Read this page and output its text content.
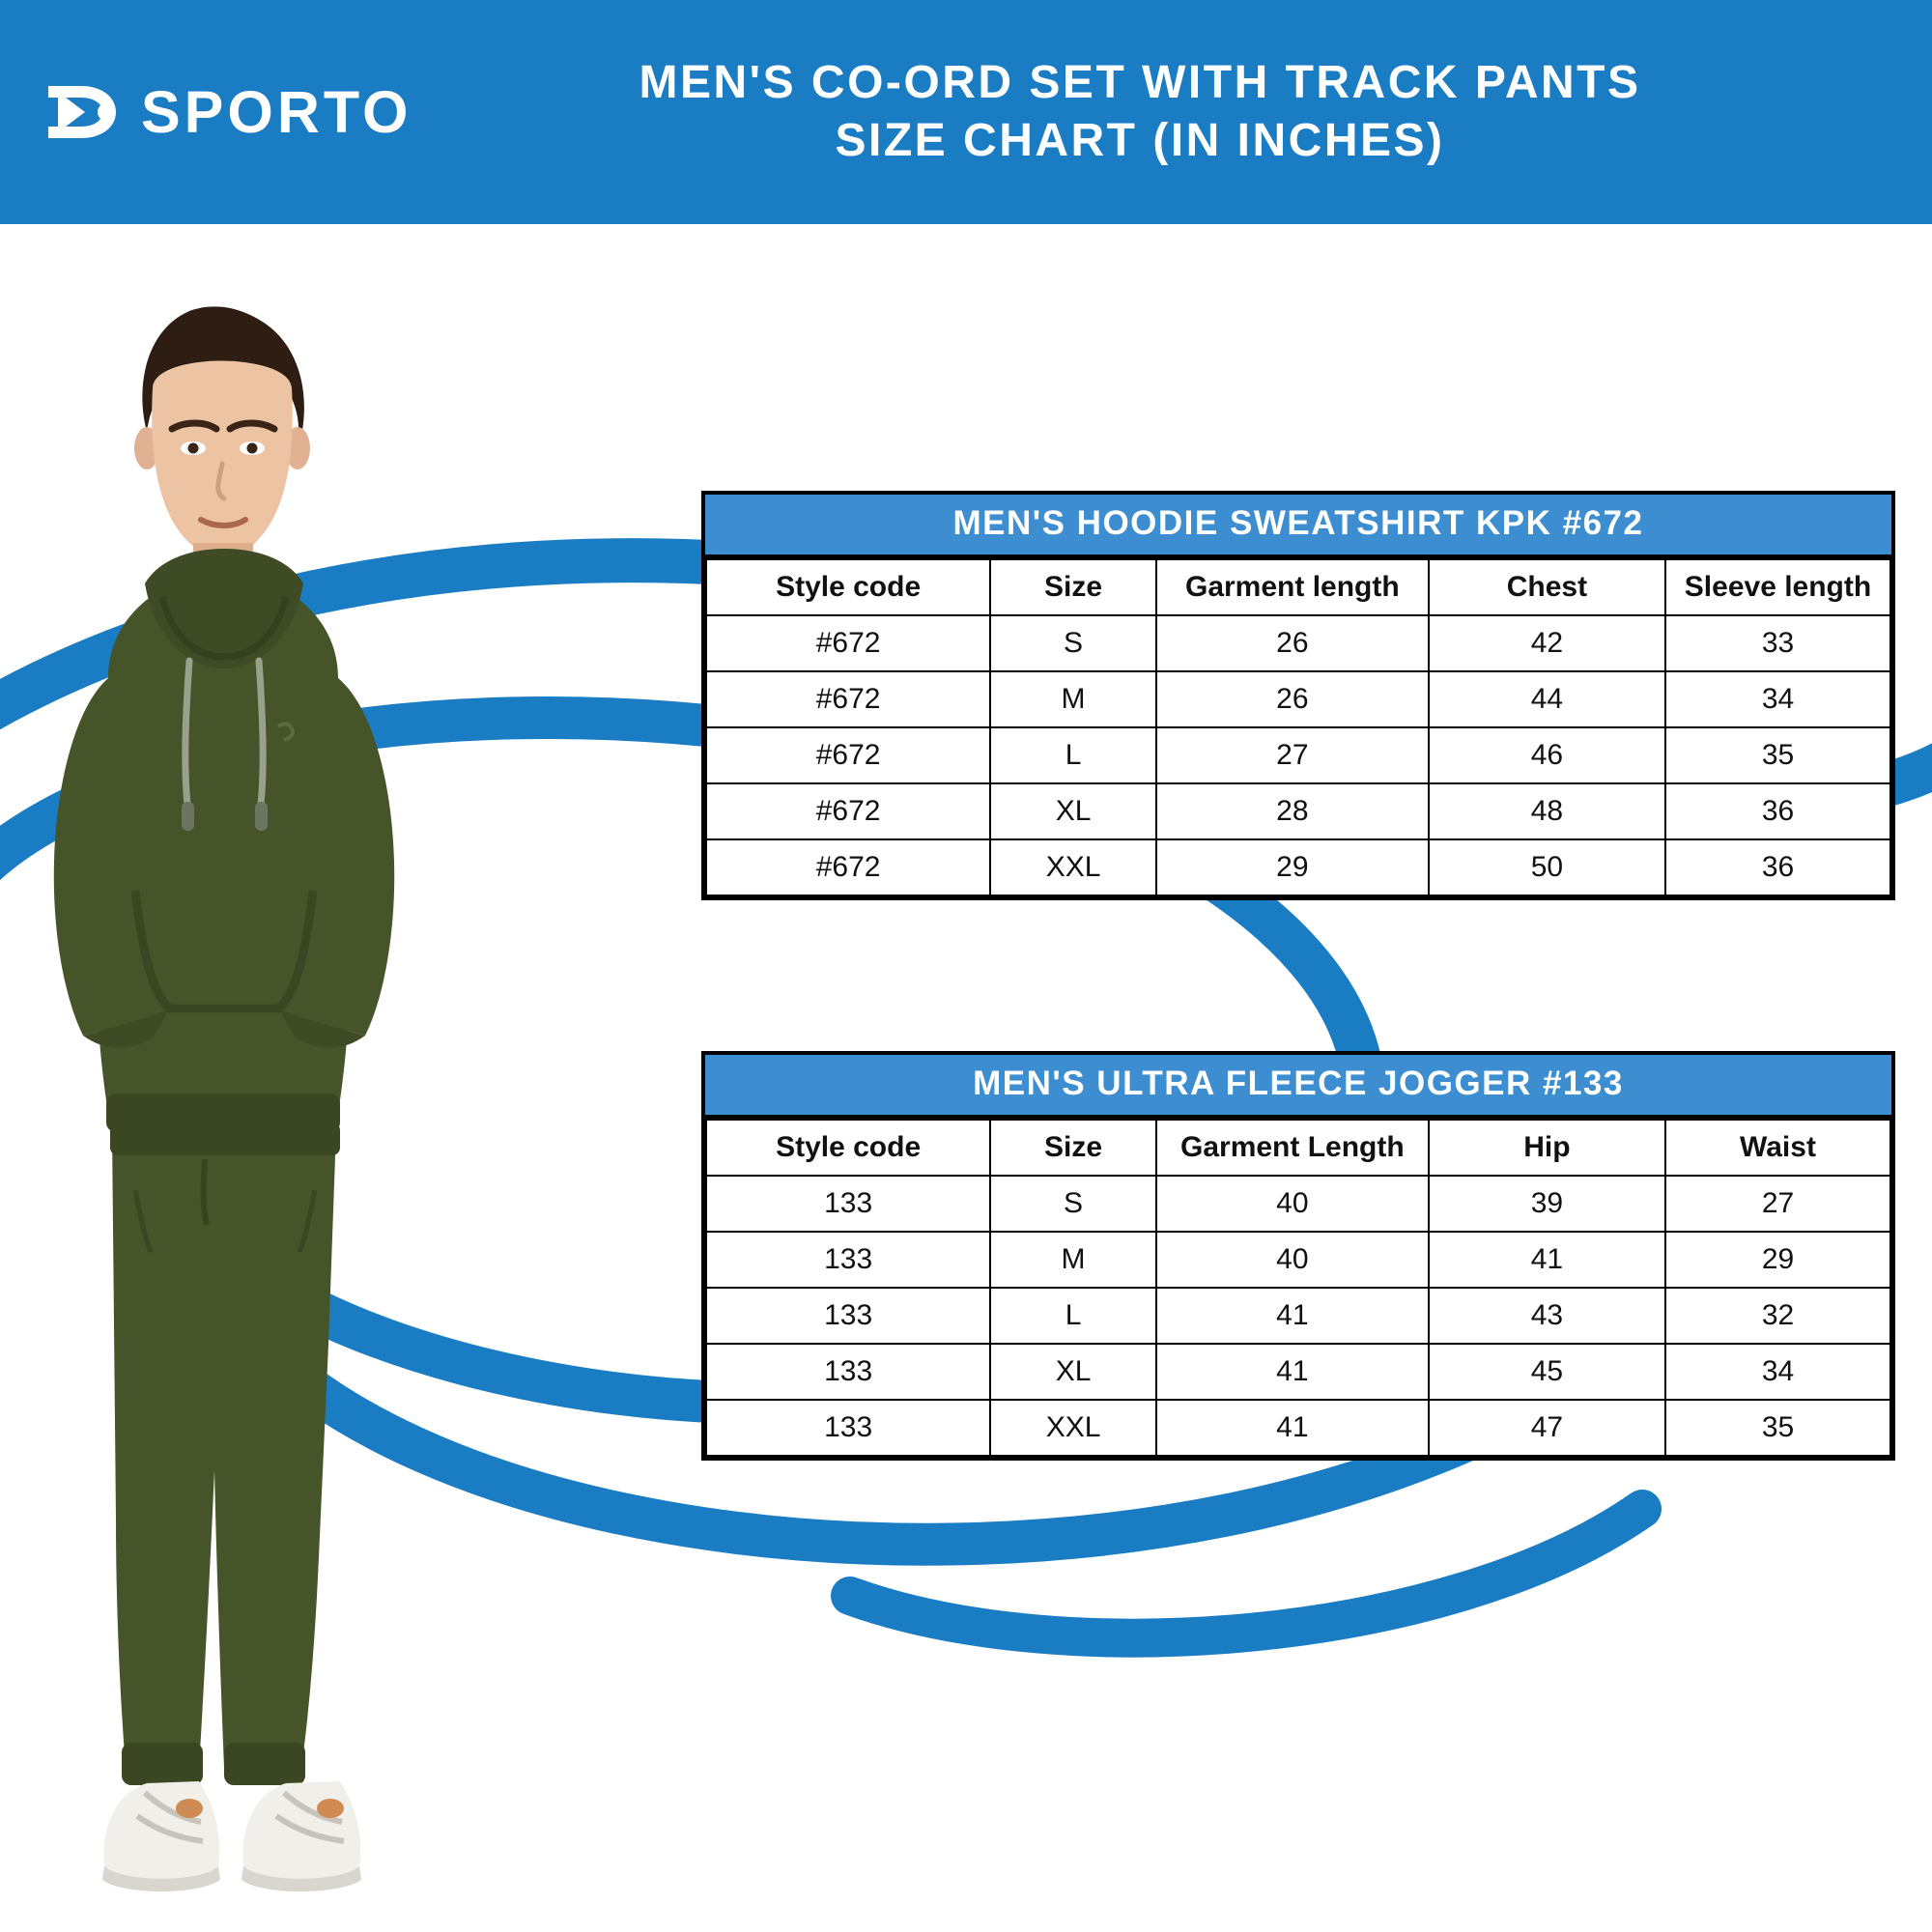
SPORTO	MEN'S CO-ORD SET WITH TRACK PANTS
SIZE CHART (IN INCHES)
MEN'S HOODIE SWEATSHIRT KPK #672
Style code	Size	Garment length	Chest	Sleeve length
#672	S	26	42	33
#672	M	26	44	34
#672	L	27	46	35
#672	XL	28	48	36
#672	XXL	29	50	36
MEN'S ULTRA FLEECE JOGGER #133
Style code	Size	Garment Length	Hip	Waist
133	S	40	39	27
133	M	40	41	29
133	L	41	43	32
133	XL	41	45	34
133	XXL	41	47	35
